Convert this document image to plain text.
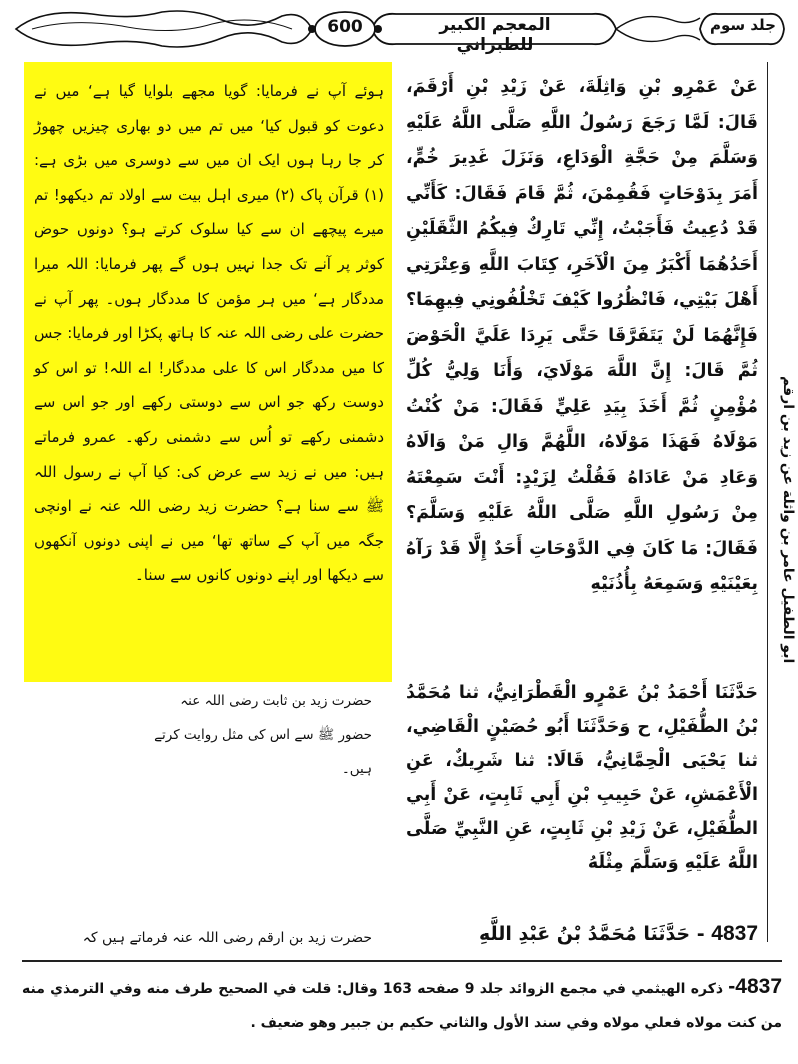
جلد سوم
600	المعجم الكبير للطبراني
ابو الطفیل عامر بن واثلة عن زید بن ارقم
عَنْ عَمْرِو بْنِ وَاثِلَةَ، عَنْ زَيْدِ بْنِ أَرْقَمَ، قَالَ: لَمَّا رَجَعَ رَسُولُ اللَّهِ صَلَّى اللَّهُ عَلَيْهِ وَسَلَّمَ مِنْ حَجَّةِ الْوَدَاعِ، وَنَزَلَ غَدِيرَ خُمٍّ، أَمَرَ بِدَوْحَاتٍ فَقُمِمْنَ، ثُمَّ قَامَ فَقَالَ: كَأَنِّي قَدْ دُعِيتُ فَأَجَبْتُ، إِنِّي تَارِكٌ فِيكُمُ الثَّقَلَيْنِ أَحَدُهُمَا أَكْبَرُ مِنَ الْآخَرِ، كِتَابَ اللَّهِ وَعِتْرَتِي أَهْلَ بَيْتِي، فَانْظُرُوا كَيْفَ تَخْلُفُونِي فِيهِمَا؟ فَإِنَّهُمَا لَنْ يَتَفَرَّقَا حَتَّى يَرِدَا عَلَيَّ الْحَوْضَ ثُمَّ قَالَ: إِنَّ اللَّهَ مَوْلَايَ، وَأَنَا وَلِيُّ كُلِّ مُؤْمِنٍ ثُمَّ أَخَذَ بِيَدِ عَلِيٍّ فَقَالَ: مَنْ كُنْتُ مَوْلَاهُ فَهَذَا مَوْلَاهُ، اللَّهُمَّ وَالِ مَنْ وَالَاهُ وَعَادِ مَنْ عَادَاهُ فَقُلْتُ لِزَيْدٍ: أَنْتَ سَمِعْتَهُ مِنْ رَسُولِ اللَّهِ صَلَّى اللَّهُ عَلَيْهِ وَسَلَّمَ؟ فَقَالَ: مَا كَانَ فِي الدَّوْحَاتِ أَحَدٌ إِلَّا قَدْ رَآهُ بِعَيْنَيْهِ وَسَمِعَهُ بِأُذُنَيْهِ
ہوئے آپ نے فرمایا: گویا مجھے بلوایا گیا ہے‘ میں نے دعوت کو قبول کیا‘ میں تم میں دو بھاری چیزیں چھوڑ کر جا رہا ہوں ایک ان میں سے دوسری میں بڑی ہے: (۱) قرآن پاک (۲) میری اہل بیت سے اولاد تم دیکھو! تم میرے پیچھے ان سے کیا سلوک کرتے ہو؟ دونوں حوض کوثر پر آنے تک جدا نہیں ہوں گے پھر فرمایا: اللہ میرا مددگار ہے‘ میں ہر مؤمن کا مددگار ہوں۔ پھر آپ نے حضرت علی رضی اللہ عنہ کا ہاتھ پکڑا اور فرمایا: جس کا میں مددگار اس کا علی مددگار! اے اللہ! تو اس کو دوست رکھ جو اس سے دوستی رکھے اور جو اس سے دشمنی رکھے تو اُس سے دشمنی رکھ۔ عمرو فرماتے ہیں: میں نے زید سے عرض کی: کیا آپ نے رسول اللہ ﷺ سے سنا ہے؟ حضرت زید رضی اللہ عنہ نے اونچی جگہ میں آپ کے ساتھ تھا‘ میں نے اپنی دونوں آنکھوں سے دیکھا اور اپنے دونوں کانوں سے سنا۔
حَدَّثَنَا أَحْمَدُ بْنُ عَمْرٍو الْقَطْرَانِيُّ، ثنا مُحَمَّدُ بْنُ الطُّفَيْلِ، ح وَحَدَّثَنَا أَبُو حُصَيْنٍ الْقَاضِي، ثنا يَحْيَى الْحِمَّانِيُّ، قَالَا: ثنا شَرِيكٌ، عَنِ الْأَعْمَشِ، عَنْ حَبِيبِ بْنِ أَبِي ثَابِتٍ، عَنْ أَبِي الطُّفَيْلِ، عَنْ زَيْدِ بْنِ ثَابِتٍ، عَنِ النَّبِيِّ صَلَّى اللَّهُ عَلَيْهِ وَسَلَّمَ مِثْلَهُ
حضرت زید بن ثابت رضی اللہ عنہ حضور ﷺ سے اس کی مثل روایت کرتے ہیں۔
4837 - حَدَّثَنَا مُحَمَّدُ بْنُ عَبْدِ اللَّهِ
حضرت زید بن ارقم رضی اللہ عنہ فرماتے ہیں کہ
4837- ذكره الهيثمي في مجمع الزوائد جلد 9 صفحه 163 وقال: قلت في الصحيح طرف منه وفي الترمذي منه من كنت مولاه فعلي مولاه وفي سند الأول والثاني حكيم بن جبير وهو ضعيف .
